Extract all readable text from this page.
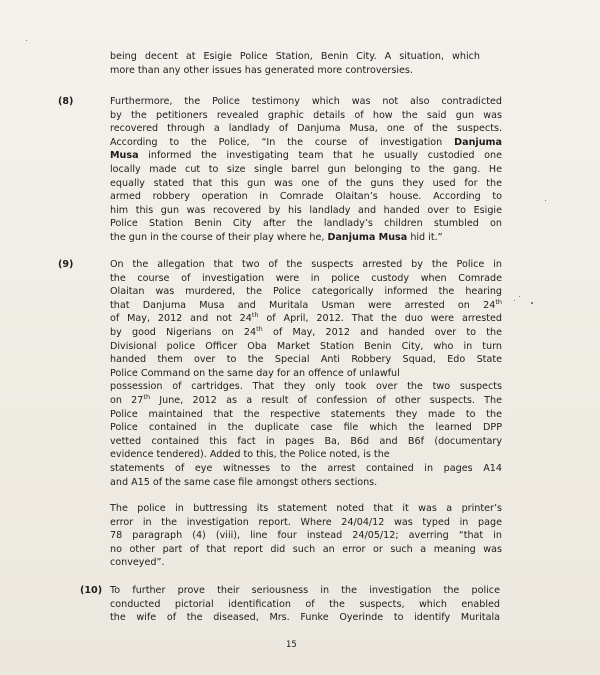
being decent at Esigie Police Station, Benin City. A situation, which
more than any other issues has generated more controversies.
(8)	Furthermore, the Police testimony which was not also contradicted
by the petitioners revealed graphic details of how the said gun was
recovered through a landlady of Danjuma Musa, one of the suspects.
According to the Police, “In the course of investigation Danjuma
Musa informed the investigating team that he usually custodied one
locally made cut to size single barrel gun belonging to the gang. He
equally stated that this gun was one of the guns they used for the
armed robbery operation in Comrade Olaitan’s house. According to
him this gun was recovered by his landlady and handed over to Esigie
Police Station Benin City after the landlady’s children stumbled on
the gun in the course of their play where he, Danjuma Musa hid it.”
(9)	On the allegation that two of the suspects arrested by the Police in
the course of investigation were in police custody when Comrade
Olaitan was murdered, the Police categorically informed the hearing
that Danjuma Musa and Muritala Usman were arrested on 24th
of May, 2012 and not 24th of April, 2012. That the duo were arrested
by good Nigerians on 24th of May, 2012 and handed over to the
Divisional police Officer Oba Market Station Benin City, who in turn
handed them over to the Special Anti Robbery Squad, Edo State
Police Command on the same day for an offence of unlawful
possession of cartridges. That they only took over the two suspects
on 27th June, 2012 as a result of confession of other suspects. The
Police maintained that the respective statements they made to the
Police contained in the duplicate case file which the learned DPP
vetted contained this fact in pages Ba, B6d and B6f (documentary
evidence tendered). Added to this, the Police noted, is the
statements of eye witnesses to the arrest contained in pages A14
and A15 of the same case file amongst others sections.
The police in buttressing its statement noted that it was a printer’s
error in the investigation report. Where 24/04/12 was typed in page
78 paragraph (4) (viii), line four instead 24/05/12; averring “that in
no other part of that report did such an error or such a meaning was
conveyed”.
(10) To further prove their seriousness in the investigation the police
conducted pictorial identification of the suspects, which enabled
the wife of the diseased, Mrs. Funke Oyerinde to identify Muritala
15
